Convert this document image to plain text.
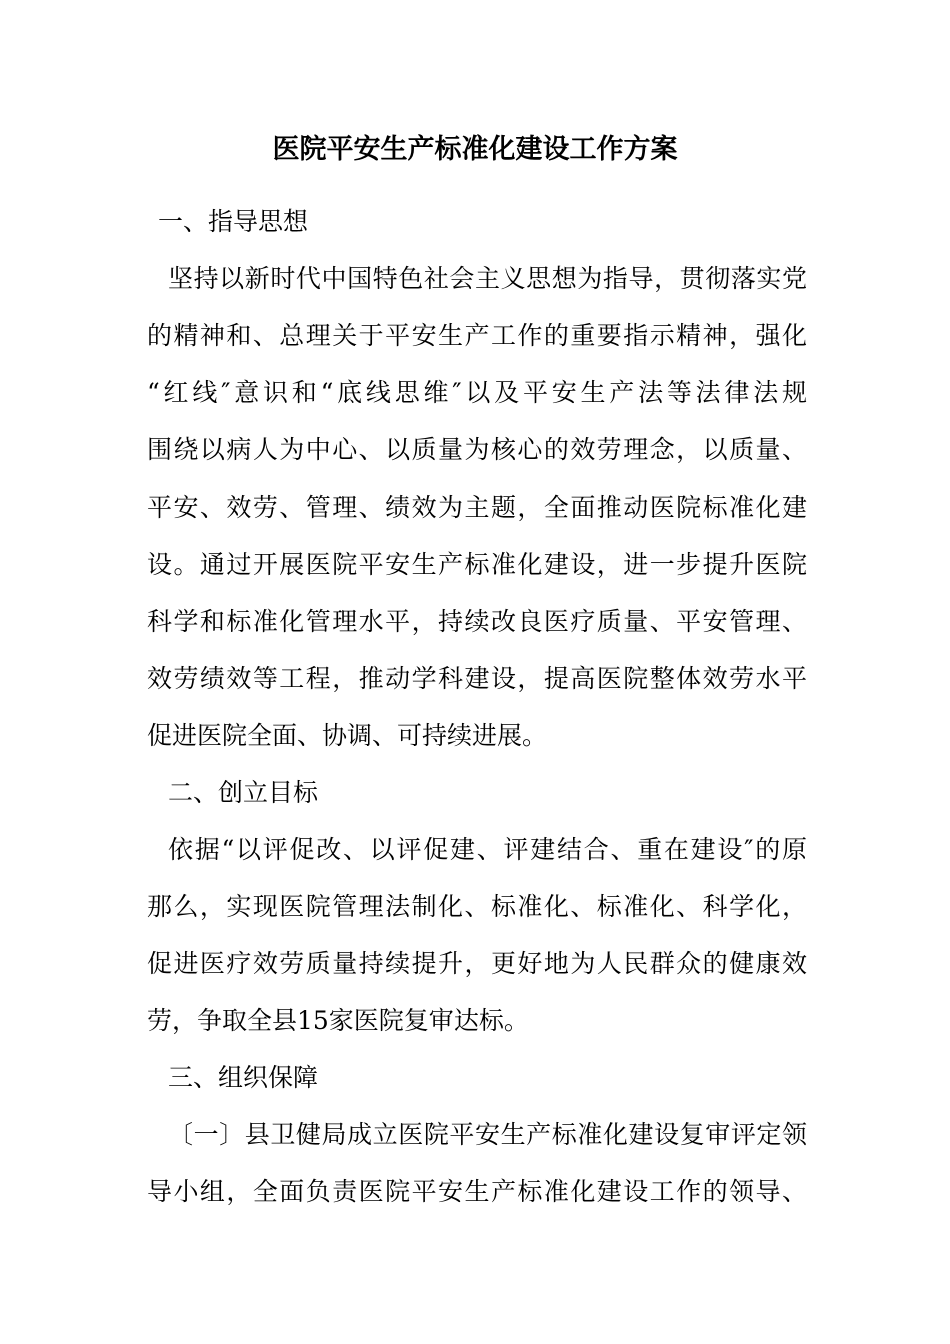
医院平安生产标准化建设工作方案

一、指导思想

坚持以新时代中国特色社会主义思想为指导，贯彻落实党

的精神和、总理关于平安生产工作的重要指示精神，强化

“红线″意识和“底线思维″以及平安生产法等法律法规

围绕以病人为中心、以质量为核心的效劳理念，以质量、

平安、效劳、管理、绩效为主题，全面推动医院标准化建

设。通过开展医院平安生产标准化建设，进一步提升医院

科学和标准化管理水平，持续改良医疗质量、平安管理、

效劳绩效等工程，推动学科建设，提高医院整体效劳水平

促进医院全面、协调、可持续进展。

二、创立目标

依据“以评促改、以评促建、评建结合、重在建设″的原

那么，实现医院管理法制化、标准化、标准化、科学化，

促进医疗效劳质量持续提升，更好地为人民群众的健康效

劳，争取全县15家医院复审达标。

三、组织保障

〔一〕县卫健局成立医院平安生产标准化建设复审评定领

导小组，全面负责医院平安生产标准化建设工作的领导、
